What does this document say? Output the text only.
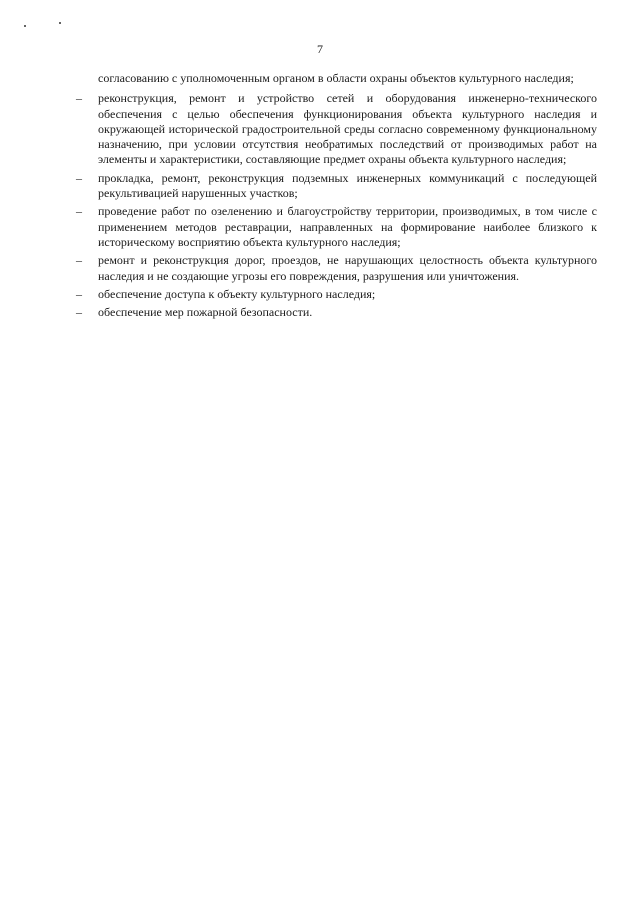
7

согласованию с уполномоченным органом в области охраны объектов культурного наследия;

–	реконструкция, ремонт и устройство сетей и оборудования инженерно-технического обеспечения с целью обеспечения функционирования объекта культурного наследия и окружающей исторической градостроительной среды согласно современному функциональному назначению, при условии отсутствия необратимых последствий от производимых работ на элементы и характеристики, составляющие предмет охраны объекта культурного наследия;

–	прокладка, ремонт, реконструкция подземных инженерных коммуникаций с последующей рекультивацией нарушенных участков;

–	проведение работ по озеленению и благоустройству территории, производимых, в том числе с применением методов реставрации, направленных на формирование наиболее близкого к историческому восприятию объекта культурного наследия;

–	ремонт и реконструкция дорог, проездов, не нарушающих целостность объекта культурного наследия и не создающие угрозы его повреждения, разрушения или уничтожения.

–	обеспечение доступа к объекту культурного наследия;

–	обеспечение мер пожарной безопасности.
